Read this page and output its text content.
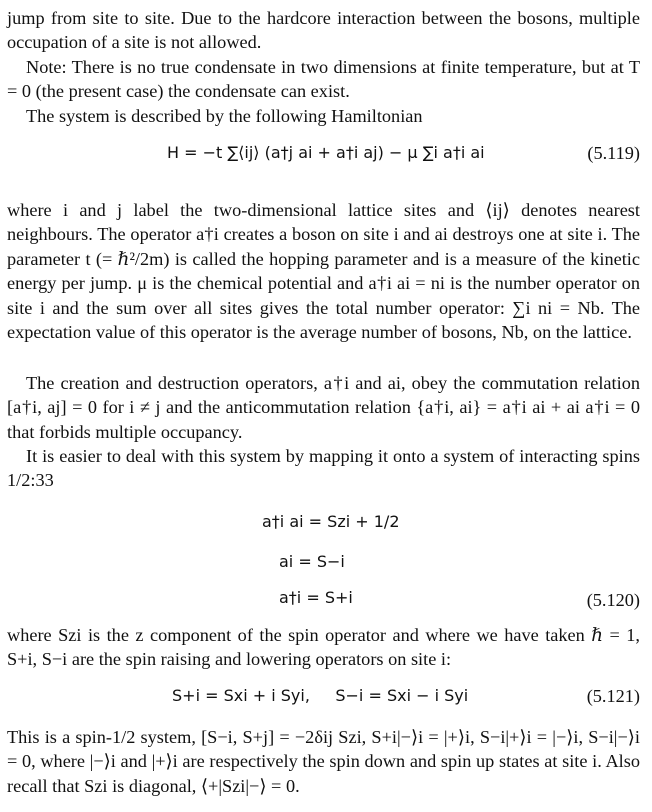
jump from site to site. Due to the hardcore interaction between the bosons, multiple occupation of a site is not allowed.

Note: There is no true condensate in two dimensions at finite temperature, but at T = 0 (the present case) the condensate can exist.

The system is described by the following Hamiltonian

H = −t ∑⟨ij⟩ (a†j ai + a†i aj) − μ ∑i a†i ai	(5.119)

where i and j label the two-dimensional lattice sites and ⟨ij⟩ denotes nearest neighbours. The operator a†i creates a boson on site i and ai destroys one at site i. The parameter t (= ℏ²/2m) is called the hopping parameter and is a measure of the kinetic energy per jump. μ is the chemical potential and a†i ai = ni is the number operator on site i and the sum over all sites gives the total number operator: ∑i ni = Nb. The expectation value of this operator is the average number of bosons, Nb, on the lattice.

The creation and destruction operators, a†i and ai, obey the commutation relation [a†i, aj] = 0 for i ≠ j and the anticommutation relation {a†i, ai} = a†i ai + ai a†i = 0 that forbids multiple occupancy.

It is easier to deal with this system by mapping it onto a system of interacting spins 1/2:33

a†i ai = Szi + 1/2
ai = S−i
a†i = S+i	(5.120)

where Szi is the z component of the spin operator and where we have taken ℏ = 1, S+i, S−i are the spin raising and lowering operators on site i:

S+i = Sxi + i Syi,     S−i = Sxi − i Syi	(5.121)

This is a spin-1/2 system, [S−i, S+j] = −2δij Szi, S+i|−⟩i = |+⟩i, S−i|+⟩i = |−⟩i, S−i|−⟩i = 0, where |−⟩i and |+⟩i are respectively the spin down and spin up states at site i. Also recall that Szi is diagonal, ⟨+|Szi|−⟩ = 0.
